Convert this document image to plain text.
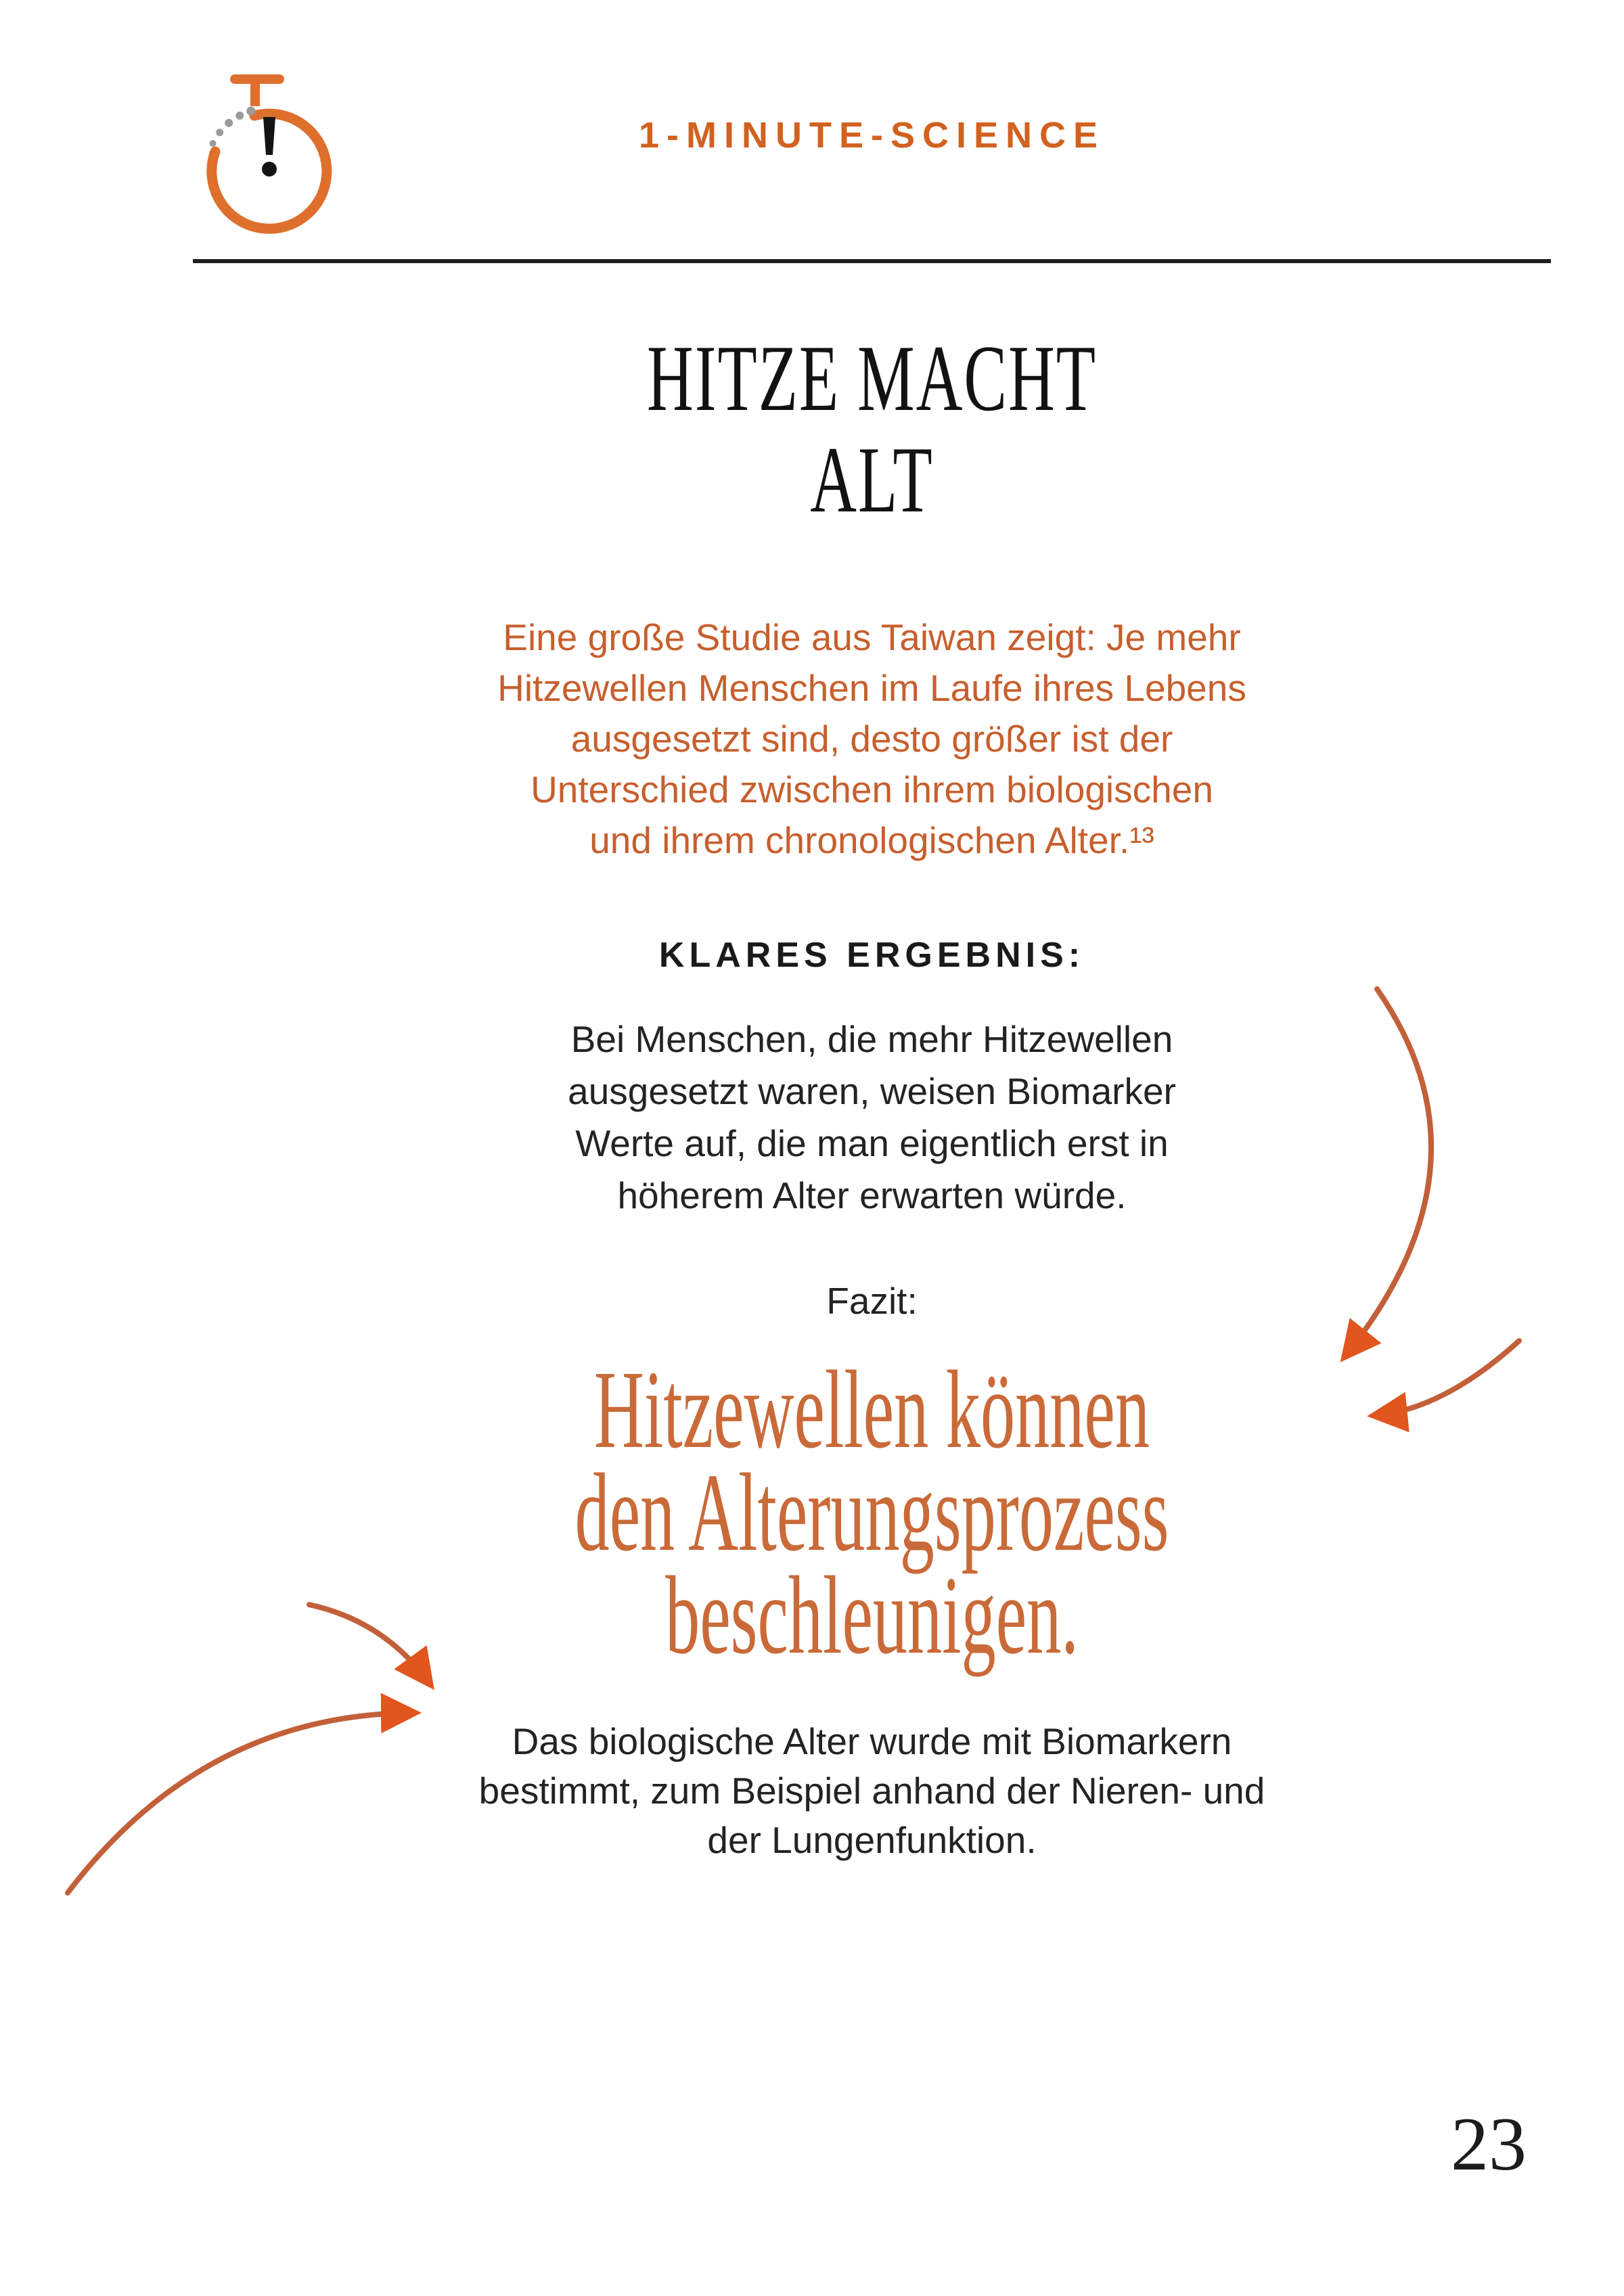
1-MINUTE-SCIENCE
HITZE MACHT
ALT
Eine große Studie aus Taiwan zeigt: Je mehr
Hitzewellen Menschen im Laufe ihres Lebens
ausgesetzt sind, desto größer ist der
Unterschied zwischen ihrem biologischen
und ihrem chronologischen Alter.¹³
KLARES ERGEBNIS:
Bei Menschen, die mehr Hitzewellen
ausgesetzt waren, weisen Biomarker
Werte auf, die man eigentlich erst in
höherem Alter erwarten würde.
Fazit:
Hitzewellen können
den Alterungsprozess
beschleunigen.
Das biologische Alter wurde mit Biomarkern
bestimmt, zum Beispiel anhand der Nieren- und
der Lungenfunktion.
23
